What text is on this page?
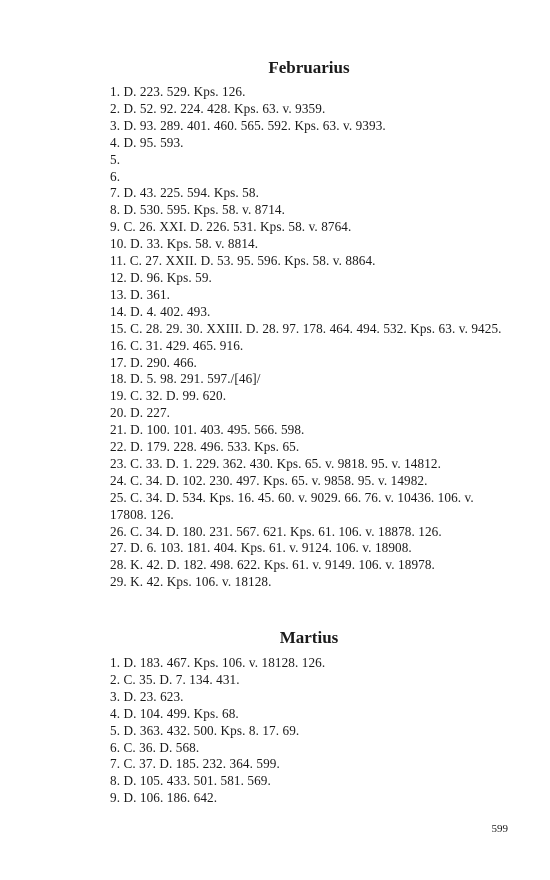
Februarius
1. D. 223. 529. Kps. 126.
2. D. 52. 92. 224. 428. Kps. 63. v. 9359.
3. D. 93. 289. 401. 460. 565. 592. Kps. 63. v. 9393.
4. D. 95. 593.
5.
6.
7. D. 43. 225. 594. Kps. 58.
8. D. 530. 595. Kps. 58. v. 8714.
9. C. 26. XXI. D. 226. 531. Kps. 58. v. 8764.
10. D. 33. Kps. 58. v. 8814.
11. C. 27. XXII. D. 53. 95. 596. Kps. 58. v. 8864.
12. D. 96. Kps. 59.
13. D. 361.
14. D. 4. 402. 493.
15. C. 28. 29. 30. XXIII. D. 28. 97. 178. 464. 494. 532. Kps. 63. v. 9425.
16. C. 31. 429. 465. 916.
17. D. 290. 466.
18. D. 5. 98. 291. 597./[46]/
19. C. 32. D. 99. 620.
20. D. 227.
21. D. 100. 101. 403. 495. 566. 598.
22. D. 179. 228. 496. 533. Kps. 65.
23. C. 33. D. 1. 229. 362. 430. Kps. 65. v. 9818. 95. v. 14812.
24. C. 34. D. 102. 230. 497. Kps. 65. v. 9858. 95. v. 14982.
25. C. 34. D. 534. Kps. 16. 45. 60. v. 9029. 66. 76. v. 10436. 106. v. 17808. 126.
26. C. 34. D. 180. 231. 567. 621. Kps. 61. 106. v. 18878. 126.
27. D. 6. 103. 181. 404. Kps. 61. v. 9124. 106. v. 18908.
28. K. 42. D. 182. 498. 622. Kps. 61. v. 9149. 106. v. 18978.
29. K. 42. Kps. 106. v. 18128.
Martius
1. D. 183. 467. Kps. 106. v. 18128. 126.
2. C. 35. D. 7. 134. 431.
3. D. 23. 623.
4. D. 104. 499. Kps. 68.
5. D. 363. 432. 500. Kps. 8. 17. 69.
6. C. 36. D. 568.
7. C. 37. D. 185. 232. 364. 599.
8. D. 105. 433. 501. 581. 569.
9. D. 106. 186. 642.
599
